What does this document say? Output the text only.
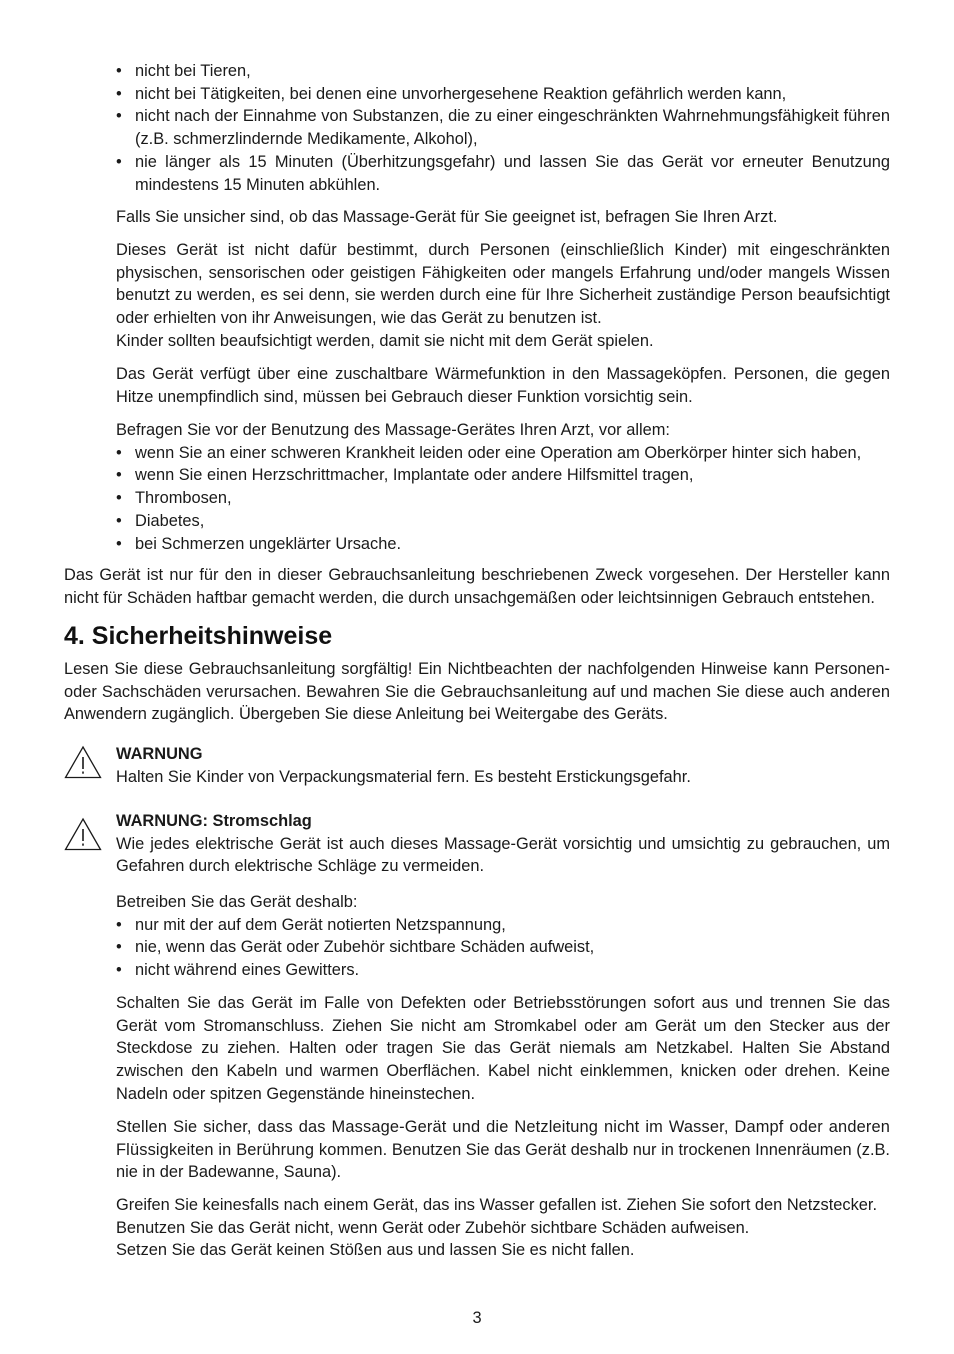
• nicht bei Tieren,
• nicht bei Tätigkeiten, bei denen eine unvorhergesehene Reaktion gefährlich werden kann,
• nicht nach der Einnahme von Substanzen, die zu einer eingeschränkten Wahrnehmungsfähigkeit führen (z.B. schmerzlindernde Medikamente, Alkohol),
• nie länger als 15 Minuten (Überhitzungsgefahr) und lassen Sie das Gerät vor erneuter Benutzung mindestens 15 Minuten abkühlen.

Falls Sie unsicher sind, ob das Massage-Gerät für Sie geeignet ist, befragen Sie Ihren Arzt.

Dieses Gerät ist nicht dafür bestimmt, durch Personen (einschließlich Kinder) mit eingeschränkten physischen, sensorischen oder geistigen Fähigkeiten oder mangels Erfahrung und/oder mangels Wissen benutzt zu werden, es sei denn, sie werden durch eine für Ihre Sicherheit zuständige Person beaufsichtigt oder erhielten von ihr Anweisungen, wie das Gerät zu benutzen ist.

Kinder sollten beaufsichtigt werden, damit sie nicht mit dem Gerät spielen.

Das Gerät verfügt über eine zuschaltbare Wärmefunktion in den Massageköpfen. Personen, die gegen Hitze unempfindlich sind, müssen bei Gebrauch dieser Funktion vorsichtig sein.

Befragen Sie vor der Benutzung des Massage-Gerätes Ihren Arzt, vor allem:

• wenn Sie an einer schweren Krankheit leiden oder eine Operation am Oberkörper hinter sich haben,
• wenn Sie einen Herzschrittmacher, Implantate oder andere Hilfsmittel tragen,
• Thrombosen,
• Diabetes,
• bei Schmerzen ungeklärter Ursache.

Das Gerät ist nur für den in dieser Gebrauchsanleitung beschriebenen Zweck vorgesehen. Der Hersteller kann nicht für Schäden haftbar gemacht werden, die durch unsachgemäßen oder leichtsinnigen Gebrauch entstehen.

4. Sicherheitshinweise

Lesen Sie diese Gebrauchsanleitung sorgfältig! Ein Nichtbeachten der nachfolgenden Hinweise kann Personen- oder Sachschäden verursachen. Bewahren Sie die Gebrauchsanleitung auf und machen Sie diese auch anderen Anwendern zugänglich. Übergeben Sie diese Anleitung bei Weitergabe des Geräts.

WARNUNG

Halten Sie Kinder von Verpackungsmaterial fern. Es besteht Erstickungsgefahr.

WARNUNG: Stromschlag

Wie jedes elektrische Gerät ist auch dieses Massage-Gerät vorsichtig und umsichtig zu gebrauchen, um Gefahren durch elektrische Schläge zu vermeiden.

Betreiben Sie das Gerät deshalb:

• nur mit der auf dem Gerät notierten Netzspannung,
• nie, wenn das Gerät oder Zubehör sichtbare Schäden aufweist,
• nicht während eines Gewitters.

Schalten Sie das Gerät im Falle von Defekten oder Betriebsstörungen sofort aus und trennen Sie das Gerät vom Stromanschluss. Ziehen Sie nicht am Stromkabel oder am Gerät um den Stecker aus der Steckdose zu ziehen. Halten oder tragen Sie das Gerät niemals am Netzkabel. Halten Sie Abstand zwischen den Kabeln und warmen Oberflächen. Kabel nicht einklemmen, knicken oder drehen. Keine Nadeln oder spitzen Gegenstände hineinstechen.

Stellen Sie sicher, dass das Massage-Gerät und die Netzleitung nicht im Wasser, Dampf oder anderen Flüssigkeiten in Berührung kommen. Benutzen Sie das Gerät deshalb nur in trockenen Innenräumen (z.B. nie in der Badewanne, Sauna).

Greifen Sie keinesfalls nach einem Gerät, das ins Wasser gefallen ist. Ziehen Sie sofort den Netzstecker.

Benutzen Sie das Gerät nicht, wenn Gerät oder Zubehör sichtbare Schäden aufweisen.

Setzen Sie das Gerät keinen Stößen aus und lassen Sie es nicht fallen.

3
